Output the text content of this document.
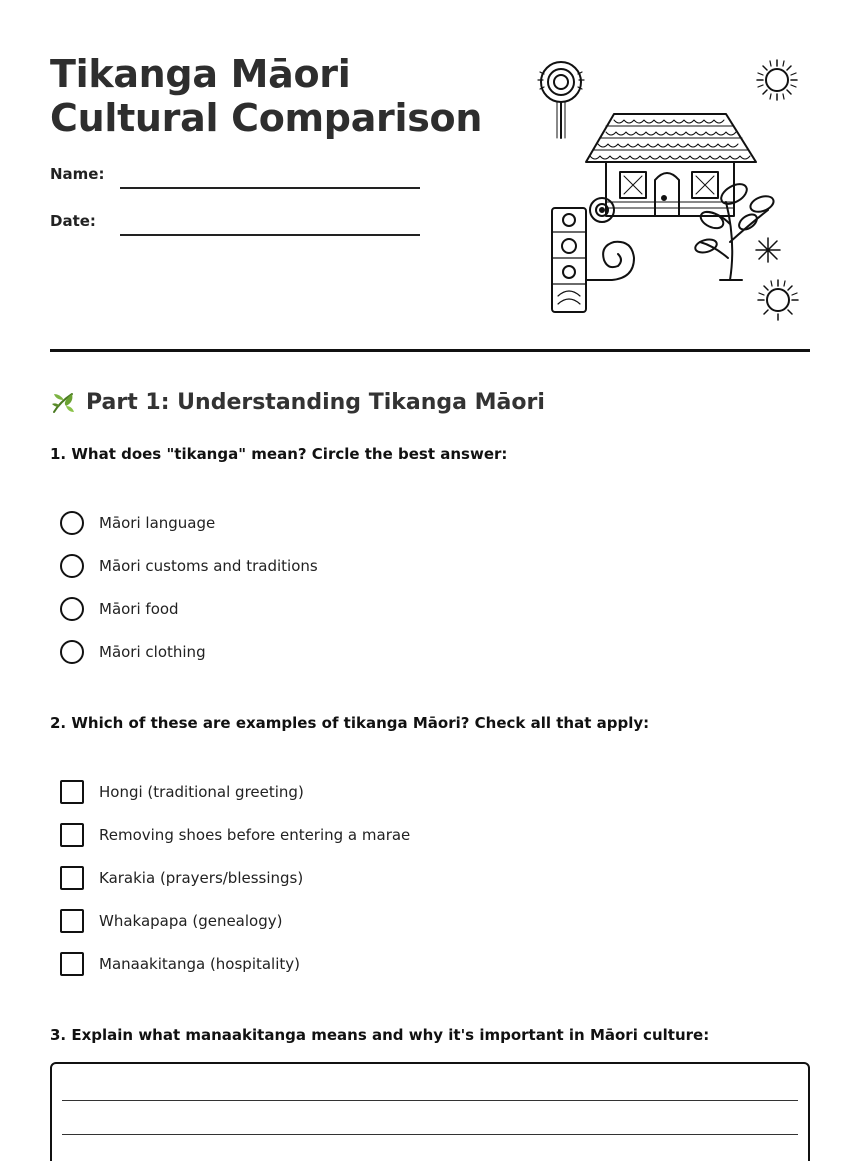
Tikanga Māori Cultural Comparison
Name:
Date:
Part 1: Understanding Tikanga Māori
1. What does "tikanga" mean? Circle the best answer:
Māori language
Māori customs and traditions
Māori food
Māori clothing
2. Which of these are examples of tikanga Māori? Check all that apply:
Hongi (traditional greeting)
Removing shoes before entering a marae
Karakia (prayers/blessings)
Whakapapa (genealogy)
Manaakitanga (hospitality)
3. Explain what manaakitanga means and why it's important in Māori culture:
